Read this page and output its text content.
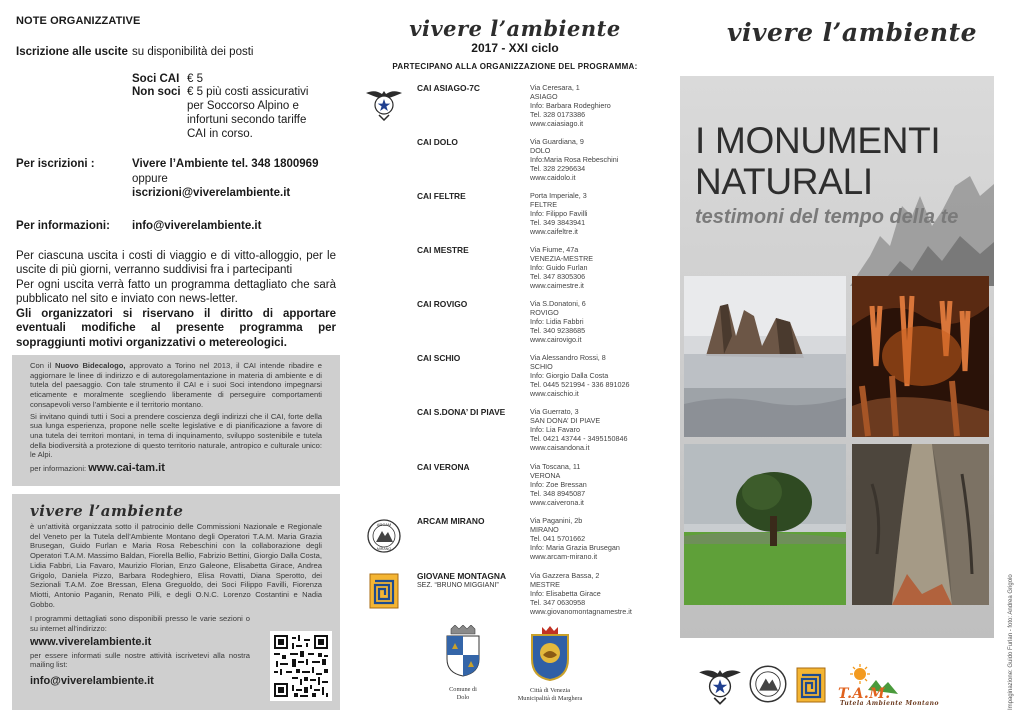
NOTE ORGANIZZATIVE
Iscrizione alle uscite su disponibilità dei posti
Soci CAI € 5
Non soci € 5 più costi assicurativi per Soccorso Alpino e infortuni secondo tariffe CAI in corso.
Per iscrizioni :	Vivere l’Ambiente tel. 348 1800969
oppure
iscrizioni@viverelambiente.it
Per informazioni:	info@viverelambiente.it
Per ciascuna uscita i costi di viaggio e di vitto-alloggio, per le uscite di più giorni, verranno suddivisi fra i partecipanti
Per ogni uscita verrà fatto un programma dettagliato che sarà pubblicato nel sito e inviato con news-letter.
Gli organizzatori si riservano il diritto di apportare eventuali modifiche al presente programma per sopraggiunti motivi organizzativi o metereologici.

Con il Nuovo Bidecalogo, approvato a Torino nel 2013, il CAI intende ribadire e aggiornare le linee di indirizzo e di autoregolamentazione in materia di ambiente e di tutela del paesaggio. Con tale strumento il CAI e i suoi Soci intendono impegnarsi eticamente e moralmente scegliendo liberamente di perseguire comportamenti consapevoli verso l’ambiente e il territorio montano.

Si invitano quindi tutti i Soci a prendere coscienza degli indirizzi che il CAI, forte della sua lunga esperienza, propone nelle scelte legislative e di pianificazione a favore di una tutela dei territori montani, in tema di inquinamento, sviluppo sostenibile e tutela della biodiversità a protezione di questo territorio naturale, antropico e culturale unico: le Alpi.

per informazioni: www.cai-tam.it

vivere l’ambiente

è un’attività organizzata sotto il patrocinio delle Commissioni Nazionale e Regionale del Veneto per la Tutela dell’Ambiente Montano degli Operatori T.A.M. Maria Grazia Brusegan, Guido Furlan e Maria Rosa Rebeschini con la collaborazione degli Operatori T.A.M. Massimo Baldan, Fiorella Bellio, Fabrizio Bettini, Giorgio Dalla Costa, Lidia Fabbri, Lia Favaro, Maurizio Florian, Enzo Galeone, Elisabetta Girace, Andrea Grigolo, Daniela Pizzo, Barbara Rodeghiero, Elisa Rovatti, Diana Sperotto, dei Sezionali T.A.M. Zoe Bressan, Elena Greguoldo, dei Soci Filippo Favilli, Fiorenza Miotti, Antonio Paganin, Renato Pilli, e degli O.N.C. Lorenzo Costantini e Nadia Gobbo.

I programmi dettagliati sono disponibili presso le varie sezioni o su internet all’indirizzo:

www.viverelambiente.it

per essere informati sulle nostre attività iscrivetevi alla nostra mailing list:

info@viverelambiente.it
vivere l’ambiente
2017 - XXI ciclo
PARTECIPANO ALLA ORGANIZZAZIONE DEL PROGRAMMA:
CAI ASIAGO-7C	Via Ceresara, 1
ASIAGO
Info: Barbara Rodeghiero
Tel. 328 0173386
www.caiasiago.it
CAI DOLO	Via Guardiana, 9
DOLO
Info:Maria Rosa Rebeschini
Tel. 328 2296634
www.caidolo.it
CAI FELTRE	Porta Imperiale, 3
FELTRE
Info: Filippo Favilli
Tel. 349 3843941
www.caifeltre.it
CAI MESTRE	Via Fiume, 47a
VENEZIA-MESTRE
Info: Guido Furlan
Tel. 347 8305306
www.caimestre.it
CAI ROVIGO	Via S.Donatoni, 6
ROVIGO
Info: Lidia Fabbri
Tel. 340 9238685
www.cairovigo.it
CAI SCHIO	Via Alessandro Rossi, 8
SCHIO
Info: Giorgio Dalla Costa
Tel. 0445 521994 - 336 891026
www.caischio.it
CAI S.DONA’ DI PIAVE	Via Guerrato, 3
SAN DONA’ DI PIAVE
Info: Lia Favaro
Tel. 0421 43744 - 3495150846
www.caisandona.it
CAI VERONA	Via Toscana, 11
VERONA
Info: Zoe Bressan
Tel. 348 8945087
www.caiverona.it
ARCAM
MIRANO
ARCAM MIRANO	Via Paganini, 2b
MIRANO
Tel. 041 5701662
Info: Maria Grazia Brusegan
www.arcam-mirano.it
GIOVANE MONTAGNA
SEZ. “BRUNO MIGGIANI”
Via Gazzera Bassa, 2
MESTRE
Info: Elisabetta Girace
Tel. 347 0630958
www.giovanomontagnamestre.it
Comune di
Dolo
Città di Venezia
Municipalità di Marghera
vivere l’ambiente
I MONUMENTI
NATURALI
testimoni del tempo della te
Impaginazione: Guido Furlan - foto: Andrea Grigolo
T.A.M.
Tutela Ambiente Montano
